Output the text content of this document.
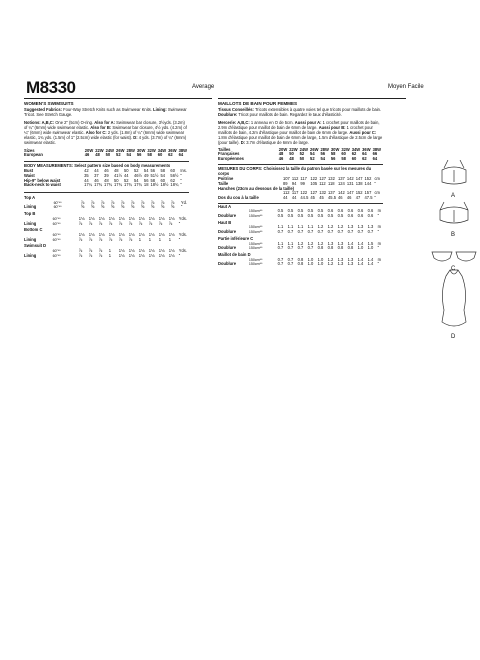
M8330	Average	Moyen Facile
WOMEN'S SWIMSUITS
Suggested Fabrics: Four-Way Stretch Knits such as Swimwear Knits. Lining: Swimwear Tricot. See Stretch Gauge.
Notions: A,B,C: One 2" (5cm) O-ring. Also for A: Swimwear bar closure, 3½yds. (3.2m) of ¼" (6mm) wide swimwear elastic. Also for B: Swimwear bar closure, 4½ yds. (4.2m) of ¼" (6mm) wide swimwear elastic. Also for C: 2 yds. (1.8m) of ¼" (6mm) wide swimwear elastic, 1¾ yds. (1.5m) of 1" (2.5cm) wide elastic (for waist). D: 4 yds. (3.7m) of ¼" (6mm) swimwear elastic.
Sizes	20W	22W	24W	26W	28W	30W	32W	34W	36W	38W
European	46	48	50	52	54	56	58	60	62	64
BODY MEASUREMENTS: Select pattern size based on body measurements
Bust	42	44	46	48	50	52	54	56	58	60	Ins.
Waist	35	37	39	41½	44	46½	49	51½	54	56½	"
Hip-9" below waist	44	46	48	50	52	54	56	58	60	62	"
Back-neck to waist	17¼	17¾	17¾	17¾	17¾	17¾	18	18½	18½	18¾	"
Top A												
	60"**	⅞	⅞	⅞	⅞	⅞	⅞	⅞	⅞	⅞	⅞	Yd.
Lining	60"**	⅝	⅝	⅝	⅝	⅝	⅝	⅝	⅝	⅝	⅝	"
Top B												
	60"**	1⅛	1⅛	1⅛	1⅛	1⅛	1⅛	1⅛	1⅛	1⅛	1⅛	Yds.
Lining	60"**	⅞	⅞	⅞	⅞	⅞	⅞	⅞	⅞	⅞	⅞	"
Bottom C												
	60"**	1⅛	1⅛	1⅛	1⅛	1⅛	1⅛	1⅛	1⅛	1⅛	1⅛	Yds.
Lining	60"**	⅞	⅞	⅞	⅞	⅞	⅞	1	1	1	1	"
Swimsuit D												
	60"**	⅞	⅞	⅞	1	1⅛	1⅛	1⅛	1⅛	1⅛	1⅛	Yds.
Lining	60"**	⅞	⅞	⅞	1	1⅛	1⅛	1⅛	1⅛	1⅛	1⅛	"
MAILLOTS DE BAIN POUR FEMMES
Tissus Conseillés: Tricots extensibles à quatre voies tel que tricots pour maillots de bain. Doublure: Tricot pour maillots de bain. Regardez le taux d'élasticité.
Mercerie: A,B,C: 1 anneau en O de 5cm. Aussi pour A: 1 crochet pour maillots de bain, 2.9m d'élastique pour maillot de bain de 6mm de large. Aussi pour B: 1 crochet pour maillots de bain, 4.2m d'élastique pour maillot de bain de 6mm de large. Aussi pour C: 1.8m d'élastique pour maillot de bain de 6mm de large, 1.5m d'élastique de 2.5cm de large (pour taille). D: 3.7m d'élastique de 6mm de large.
Tailles	20W	22W	24W	26W	28W	30W	32W	34W	36W	38W
Françaises	48	50	52	54	56	58	60	62	64	66
Européennes	46	48	50	52	54	56	58	60	62	64
MESURES DU CORPS: Choisissez la taille du patron basée sur les mesures du corps
Poitrine	107	112	117	122	127	132	137	142	147	152	cm
Taille	89	94	99	105	112	118	124	131	138	144	"
Hanches (23cm au dessous de la taille)											
	112	117	122	127	132	137	142	147	152	157	cm
Dos du cou à la taille	44	44	44.5	45	45	45.5	46	46	47	47.5	"
Haut A												
	150cm**	0.5	0.5	0.5	0.5	0.5	0.6	0.6	0.6	0.6	0.6	m
Doublure	150cm**	0.5	0.5	0.5	0.5	0.5	0.5	0.5	0.6	0.6	0.6	"
Haut B												
	150cm**	1.1	1.1	1.1	1.1	1.2	1.2	1.2	1.3	1.3	1.3	m
Doublure	150cm**	0.7	0.7	0.7	0.7	0.7	0.7	0.7	0.7	0.7	0.7	"
Partie inférieure C												
	150cm**	1.1	1.1	1.2	1.2	1.2	1.3	1.3	1.4	1.4	1.5	m
Doublure	150cm**	0.7	0.7	0.7	0.7	0.8	0.8	0.8	0.8	1.0	1.0	"
Maillot de bain D												
	150cm**	0.7	0.7	0.8	1.0	1.0	1.2	1.3	1.3	1.4	1.4	m
Doublure	150cm**	0.7	0.7	0.8	1.0	1.0	1.2	1.3	1.3	1.4	1.4	"
A
B
C
D
